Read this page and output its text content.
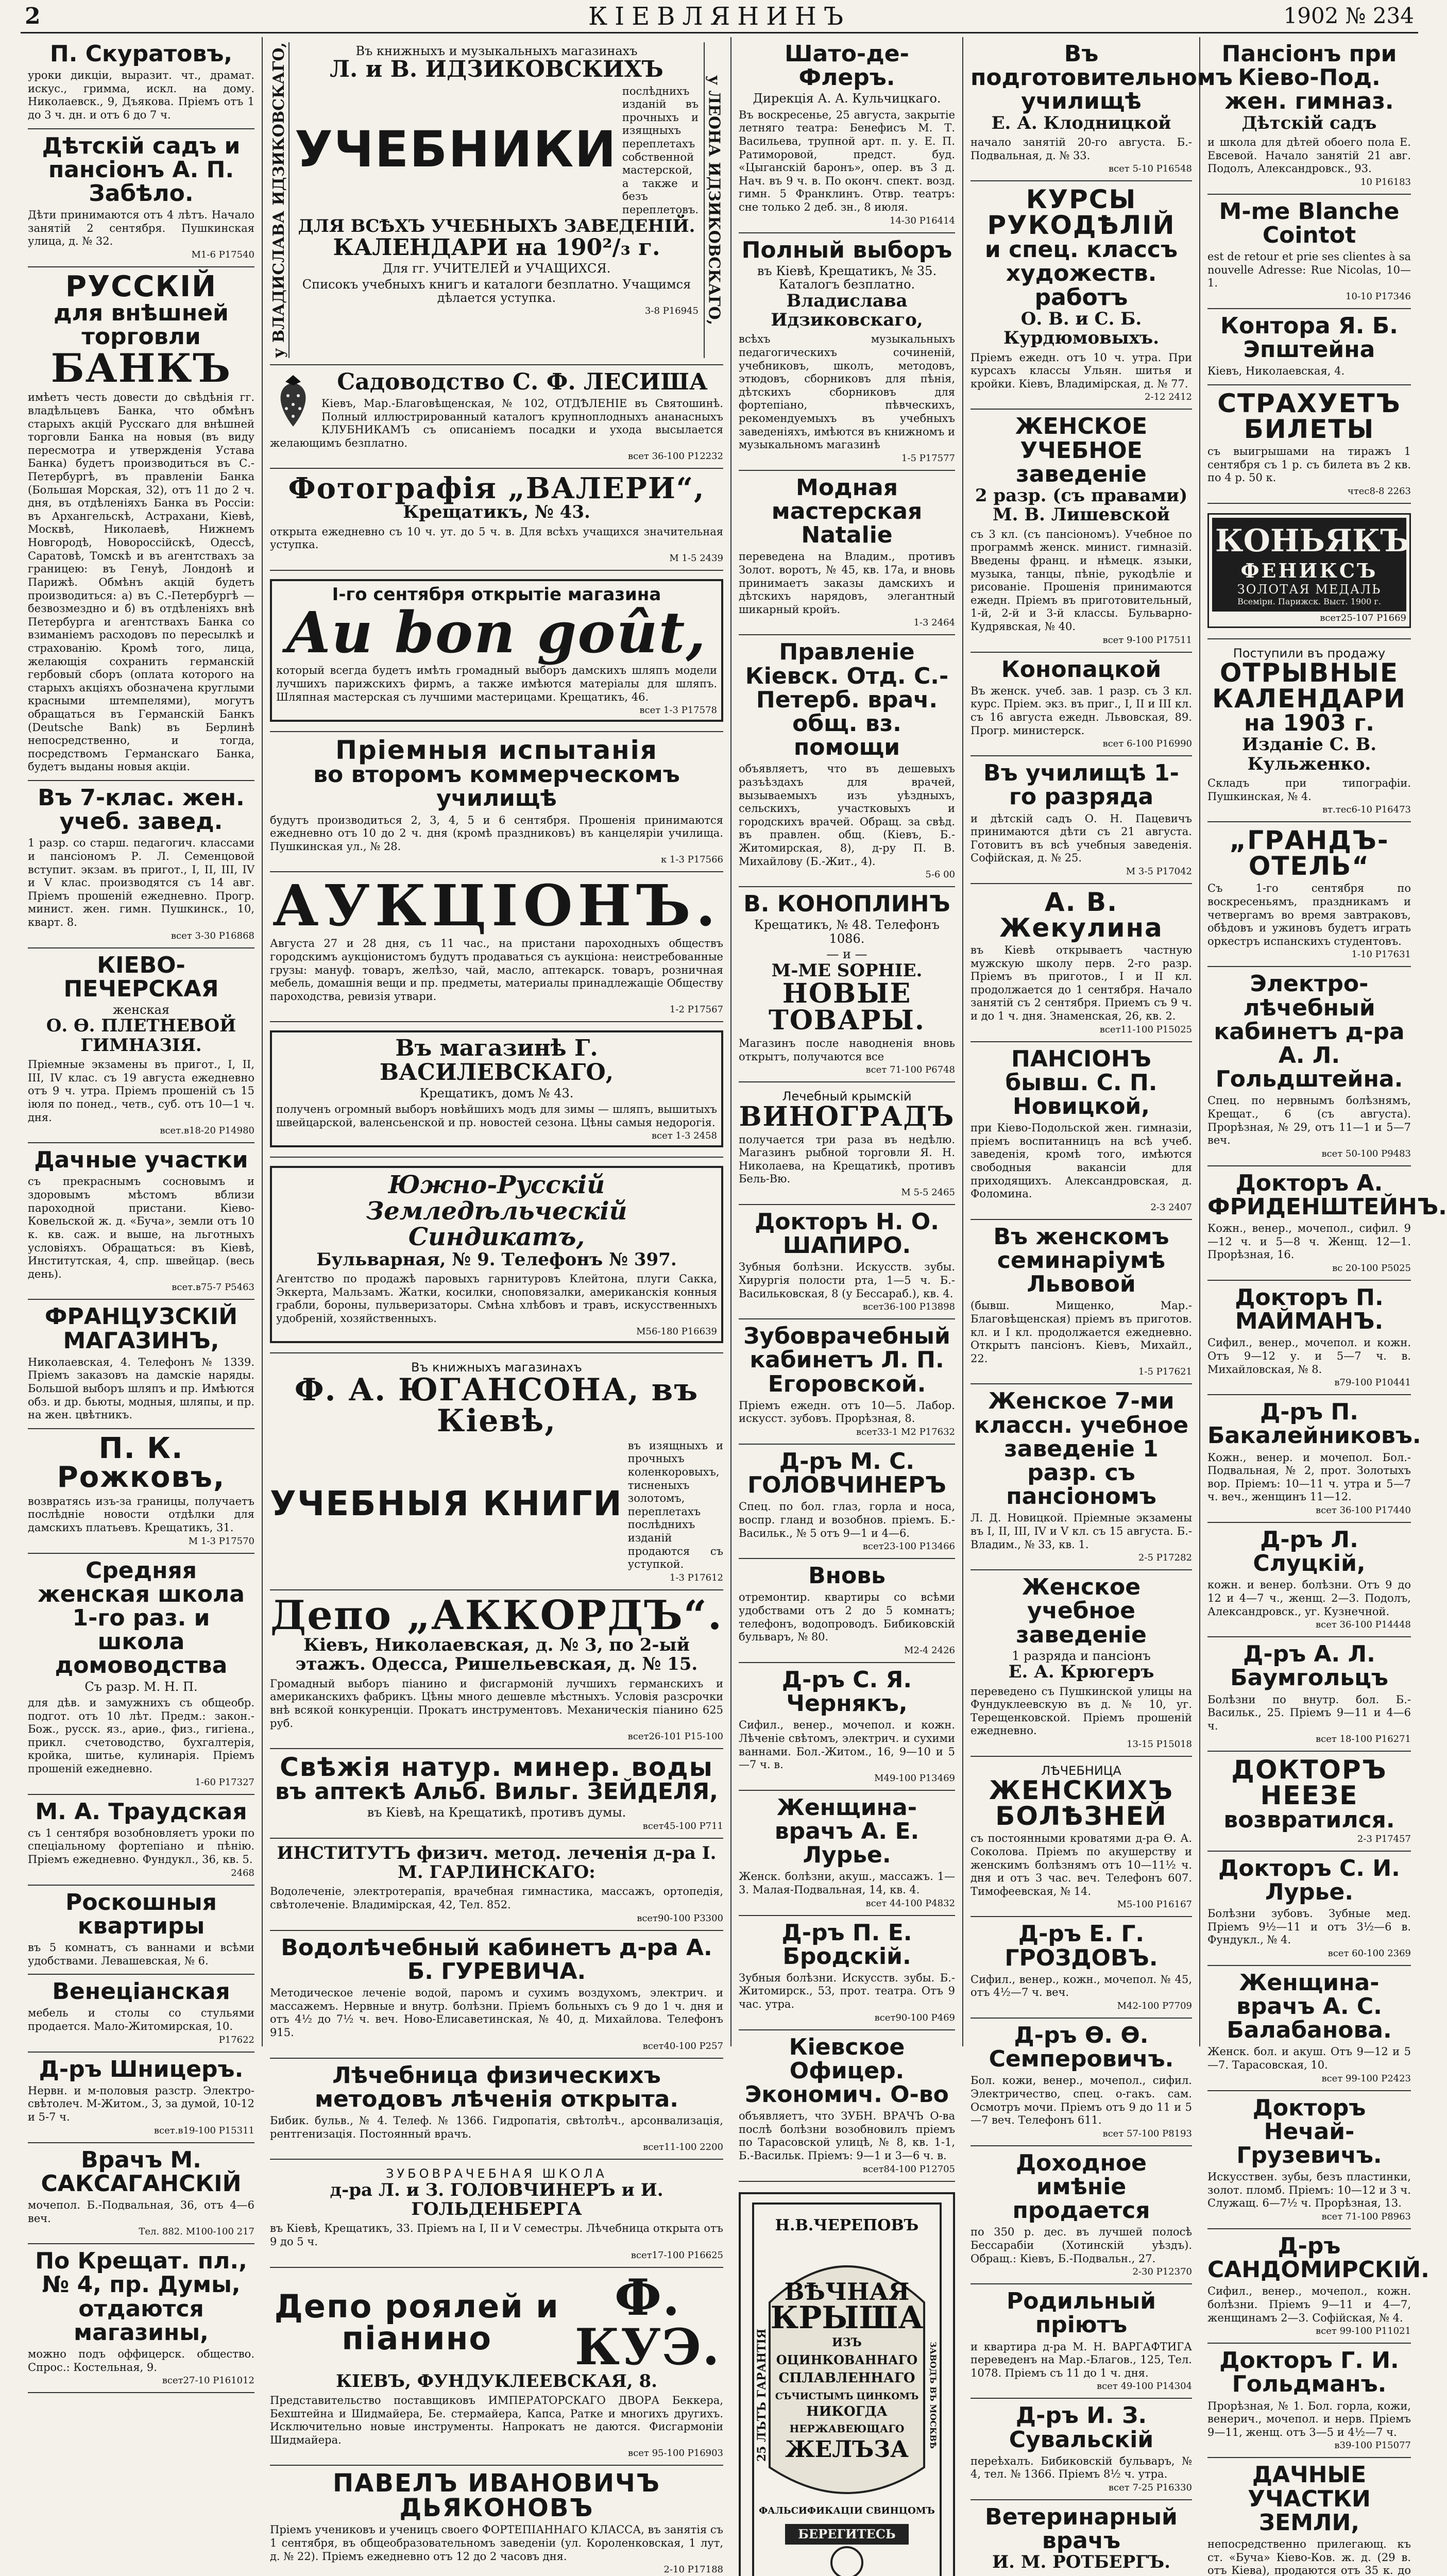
2	КІЕВЛЯНИНЪ	1902 № 234
П. Скуратовъ,
уроки дикціи, выразит. чт., драмат. искус., гримма, искл. на дому. Николаевск., 9, Дъякова. Пріемъ отъ 1 до 3 ч. дн. и отъ 6 до 7 ч.
Дѣтскій садъ и пансіонъ А. П. Забѣло.
Дѣти принимаются отъ 4 лѣтъ. Начало занятій 2 сентября. Пушкинская улица, д. № 32.
М1-6 Р17540
РУССКІЙ
для внѣшней торговли
БАНКЪ
имѣетъ честь довести до свѣдѣнія гг. владѣльцевъ Банка, что обмѣнъ старыхъ акцій Русскаго для внѣшней торговли Банка на новыя (въ виду пересмотра и утвержденія Устава Банка) будетъ производиться въ С.-Петербургѣ, въ правленіи Банка (Большая Морская, 32), отъ 11 до 2 ч. дня, въ отдѣленіяхъ Банка въ Россіи: въ Архангельскѣ, Астрахани, Кіевѣ, Москвѣ, Николаевѣ, Нижнемъ Новгородѣ, Новороссійскѣ, Одессѣ, Саратовѣ, Томскѣ и въ агентствахъ за границею: въ Генуѣ, Лондонѣ и Парижѣ. Обмѣнъ акцій будетъ производиться: а) въ С.-Петербургѣ — безвозмездно и б) въ отдѣленіяхъ внѣ Петербурга и агентствахъ Банка со взиманіемъ расходовъ по пересылкѣ и страхованію. Кромѣ того, лица, желающія сохранить германскій гербовый сборъ (оплата которого на старыхъ акціяхъ обозначена круглыми красными штемпелями), могутъ обращаться въ Германскій Банкъ (Deutsche Bank) въ Берлинѣ непосредственно, и тогда, посредствомъ Германскаго Банка, будетъ выданы новыя акціи.
Въ 7-клас. жен. учеб. завед.
1 разр. со старш. педагогич. классами и пансіономъ Р. Л. Семенцовой вступит. экзам. въ пригот., I, II, III, IV и V клас. производятся съ 14 авг. Пріемъ прошеній ежедневно. Прогр. минист. жен. гимн. Пушкинск., 10, кварт. 8.
всет 3-30 Р16868
КІЕВО-ПЕЧЕРСКАЯ
женская
О. Ѳ. ПЛЕТНЕВОЙ
ГИМНАЗІЯ.
Пріемные экзамены въ пригот., I, II, III, IV клас. съ 19 августа ежедневно отъ 9 ч. утра. Пріемъ прошеній съ 15 іюля по понед., четв., суб. отъ 10—1 ч. дня.
всет.в18-20 Р14980
Дачные участки
съ прекраснымъ сосновымъ и здоровымъ мѣстомъ вблизи пароходной пристани. Кіево-Ковельской ж. д. «Буча», земли отъ 10 к. кв. саж. и выше, на льготныхъ условіяхъ. Обращаться: въ Кіевѣ, Институтская, 4, спр. швейцар. (весь день).
всет.в75-7 Р5463
ФРАНЦУЗСКІЙ МАГАЗИНЪ,
Николаевская, 4. Телефонъ № 1339. Пріемъ заказовъ на дамскіе наряды. Большой выборъ шляпъ и пр. Имѣются обз. и др. бьюты, модныя, шляпы, и пр. на жен. цвѣтникъ.
П. К. Рожковъ,
возвратясь изъ-за границы, получаетъ послѣдніе новости отдѣлки для дамскихъ платьевъ. Крещатикъ, 31.
М 1-3 Р17570
Средняя женская школа 1-го раз. и школа домоводства
Съ разр. М. Н. П.
для дѣв. и замужнихъ съ общеобр. подгот. отъ 10 лѣт. Предм.: закон.-Бож., русск. яз., ариѳ., физ., гигіена., прикл. счетоводство, бухгалтерія, кройка, шитье, кулинарія. Пріемъ прошеній ежедневно.
1-60 Р17327
М. А. Траудская
съ 1 сентября возобновляетъ уроки по спеціальному фортепіано и пѣнію. Пріемъ ежедневно. Фундукл., 36, кв. 5.
2468
Роскошныя квартиры
въ 5 комнатъ, съ ваннами и всѣми удобствами. Левашевская, № 6.
Венеціанская
мебель и столы со стульями продается. Мало-Житомирская, 10.
Р17622
Д-ръ Шницеръ.
Нервн. и м-половыя разстр. Электро-свѣтолеч. М-Житом., 3, за думой, 10-12 и 5-7 ч.
всет.в19-100 Р15311
Врачъ М. САКСАГАНСКІЙ
мочепол. Б.-Подвальная, 36, отъ 4—6 веч.
Тел. 882. М100-100 217
По Крещат. пл., № 4, пр. Думы, отдаются магазины,
можно подъ оффицерск. общество. Спрос.: Костельная, 9.
всет27-10 Р161012
у ВЛАДИСЛАВА ИДЗИКОВСКАГО,	Въ книжныхъ и музыкальныхъ магазинахъ
Л. и В. ИДЗИКОВСКИХЪ
УЧЕБНИКИ
послѣднихъ изданій въ прочныхъ и изящныхъ переплетахъ собственной мастерской, а также и безъ переплетовъ.
ДЛЯ ВСѢХЪ УЧЕБНЫХЪ ЗАВЕДЕНІЙ.
КАЛЕНДАРИ на 190²/₃ г.
Для гг. УЧИТЕЛЕЙ и УЧАЩИХСЯ.
Списокъ учебныхъ книгъ и каталоги безплатно. Учащимся дѣлается уступка.
3-8 Р16945 у ЛЕОНА ИДЗИКОВСКАГО,
Садоводство С. Ф. ЛЕСИША
Кіевъ, Мар.-Благовѣщенская, № 102, ОТДѢЛЕНІЕ въ Святошинѣ. Полный иллюстрированный каталогъ крупноплодныхъ ананасныхъ КЛУБНИКАМЪ съ описаніемъ посадки и ухода высылается желающимъ безплатно.
всет 36-100 Р12232
Фотографія „ВАЛЕРИ“,
Крещатикъ, № 43.
открыта ежедневно съ 10 ч. ут. до 5 ч. в. Для всѣхъ учащихся значительная уступка.
М 1-5 2439
І-го сентября открытіе магазина
Au bon goût,
который всегда будетъ имѣть громадный выборъ дамскихъ шляпъ модели лучшихъ парижскихъ фирмъ, а также имѣются матеріалы для шляпъ. Шляпная мастерская съ лучшими мастерицами. Крещатикъ, 46.
всет 1-3 Р17578
Пріемныя испытанія
во второмъ коммерческомъ училищѣ
будутъ производиться 2, 3, 4, 5 и 6 сентября. Прошенія принимаются ежедневно отъ 10 до 2 ч. дня (кромѣ праздниковъ) въ канцеляріи училища. Пушкинская ул., № 28.
к 1-3 Р17566
АУКЦІОНЪ.
Августа 27 и 28 дня, съ 11 час., на пристани пароходныхъ обществъ городскимъ аукціонистомъ будутъ продаваться съ аукціона: неистребованные грузы: мануф. товаръ, желѣзо, чай, масло, аптекарск. товаръ, розничная мебель, домашнія вещи и пр. предметы, материалы принадлежащіе Обществу пароходства, ревизія утвари.
1-2 Р17567
Въ магазинѣ Г. ВАСИЛЕВСКАГО,
Крещатикъ, домъ № 43.
полученъ огромный выборъ новѣйшихъ модъ для зимы — шляпъ, вышитыхъ швейцарской, валенсьенской и пр. новостей сезона. Цѣны самыя недорогія.
всет 1-3 2458
Южно-Русскій Земледѣльческій Синдикатъ,
Бульварная, № 9. Телефонъ № 397.
Агентство по продажѣ паровыхъ гарнитуровъ Клейтона, плуги Сакка, Эккерта, Мальзамъ. Жатки, косилки, сноповязалки, американскія конныя грабли, бороны, пульверизаторы. Смѣна хлѣбовъ и травъ, искусственныхъ удобреній, хозяйственныхъ.
М56-180 Р16639
Въ книжныхъ магазинахъ
Ф. А. ЮГАНСОНА, въ Кіевѣ,
УЧЕБНЫЯ КНИГИ
въ изящныхъ и прочныхъ коленкоровыхъ, тисненыхъ золотомъ, переплетахъ послѣднихъ изданій продаются съ уступкой.
1-3 Р17612
Депо „АККОРДЪ“.
Кіевъ, Николаевская, д. № 3, по 2-ый этажъ. Одесса, Ришельевская, д. № 15.
Громадный выборъ піанино и фисгармоній лучшихъ германскихъ и американскихъ фабрикъ. Цѣны много дешевле мѣстныхъ. Условія разсрочки внѣ всякой конкуренціи. Прокатъ инструментовъ. Механическія піанино 625 руб.
всет26-101 Р15-100
Свѣжія натур. минер. воды
въ аптекѣ Альб. Вильг. ЗЕЙДЕЛЯ,
въ Кіевѣ, на Крещатикѣ, противъ думы.
всет45-100 Р711
ИНСТИТУТЪ физич. метод. леченія д-ра І. М. ГАРЛИНСКАГО:
Водолеченіе, электротерапія, врачебная гимнастика, массажъ, ортопедія, свѣтолеченіе. Владимірская, 42, Тел. 852.
всет90-100 Р3300
Водолѣчебный кабинетъ д-ра А. Б. ГУРЕВИЧА.
Методическое леченіе водой, паромъ и сухимъ воздухомъ, электрич. и массажемъ. Нервные и внутр. болѣзни. Пріемъ больныхъ съ 9 до 1 ч. дня и отъ 4½ до 7½ ч. веч. Ново-Елисаветинская, № 40, д. Михайлова. Телефонъ 915.
всет40-100 Р257
Лѣчебница физическихъ методовъ лѣченія открыта.
Бибик. бульв., № 4. Телеф. № 1366. Гидропатія, свѣтолѣч., арсонвализація, рентгенизація. Постоянный врачъ.
всет11-100 2200
ЗУБОВРАЧЕБНАЯ ШКОЛА
д-ра Л. и З. ГОЛОВЧИНЕРЪ и И. ГОЛЬДЕНБЕРГА
въ Кіевѣ, Крещатикъ, 33. Пріемъ на I, II и V семестры. Лѣчебница открыта отъ 9 до 5 ч.
всет17-100 Р16625
Депо роялей и піанино
Ф. КУЭ.
КІЕВЪ, ФУНДУКЛЕЕВСКАЯ, 8.
Представительство поставщиковъ ИМПЕРАТОРСКАГО ДВОРА Беккера, Бехштейна и Шидмайера, Бе. стермайера, Капса, Ратке и многихъ другихъ. Исключительно новые инструменты. Напрокатъ не даются. Фисгармоніи Шидмайера.
всет 95-100 Р16903
ПАВЕЛЪ ИВАНОВИЧЪ ДЬЯКОНОВЪ
Пріемъ учениковъ и ученицъ своего ФОРТЕПІАННАГО КЛАССА, въ занятія съ 1 сентября, въ общеобразовательномъ заведеніи (ул. Короленковская, 1 лут, д. № 22). Пріемъ ежедневно отъ 12 до 2 часовъ дня.
2-10 Р17188
Шато-де-Флеръ.
Дирекція А. А. Кульчицкаго.
Въ воскресенье, 25 августа, закрытіе летняго театра: Бенефисъ М. Т. Васильева, трупной арт. п. у. Е. П. Ратиморовой, предст. буд. «Цыганскій баронъ», опер. въ 3 д. Нач. въ 9 ч. в. По оконч. спект. возд. гимн. 5 Франклинъ. Отвр. театръ: сне только 2 деб. зн., 8 июля.
14-30 Р16414
Полный выборъ
въ Кіевѣ, Крещатикъ, № 35. Каталогъ безплатно.
Владислава Идзиковскаго,
всѣхъ музыкальныхъ педагогическихъ сочиненій, учебниковъ, школъ, методовъ, этюдовъ, сборниковъ для пѣнія, дѣтскихъ сборниковъ для фортепіано, пѣвческихъ, рекомендуемыхъ въ учебныхъ заведеніяхъ, имѣются въ книжномъ и музыкальномъ магазинѣ
1-5 Р17577
Модная мастерская Natalie
переведена на Владим., противъ Золот. воротъ, № 45, кв. 17а, и вновь принимаетъ заказы дамскихъ и дѣтскихъ нарядовъ, элегантный шикарный кройъ.
1-3 2464
Правленіе Кіевск. Отд. С.-Петерб. врач. общ. вз. помощи
объявляетъ, что въ дешевыхъ разъѣздахъ для врачей, вызываемыхъ изъ уѣздныхъ, сельскихъ, участковыхъ и городскихъ врачей. Обращ. за свѣд. въ правлен. общ. (Кіевъ, Б.-Житомирская, 8), д-ру П. В. Михайлову (Б.-Жит., 4).
5-6 00
В. КОНОПЛИНЪ
Крещатикъ, № 48. Телефонъ 1086.
— и —
M-ME SOPHIE.
НОВЫЕ ТОВАРЫ.
Магазинъ после наводненія вновь открытъ, получаются все
всет 71-100 Р6748
Лечебный крымскій
ВИНОГРАДЪ
получается три раза въ недѣлю. Магазинъ рыбной торговли Я. Н. Николаева, на Крещатикѣ, противъ Бель-Вю.
М 5-5 2465
Докторъ Н. О. ШАПИРО.
Зубныя болѣзни. Искусств. зубы. Хирургія полости рта, 1—5 ч. Б.-Васильковская, 8 (у Бессараб.), кв. 4.
всет36-100 Р13898
Зубоврачебный кабинетъ Л. П. Егоровской.
Пріемъ ежедн. отъ 10—5. Лабор. искусст. зубовъ. Прорѣзная, 8.
всет33-1 М2 Р17632
Д-ръ М. С. ГОЛОВЧИНЕРЪ
Спец. по бол. глаз, горла и носа, воспр. гланд и возобнов. пріемъ. Б.-Васильк., № 5 отъ 9—1 и 4—6.
всет23-100 Р13466
Вновь
отремонтир. квартиры со всѣми удобствами отъ 2 до 5 комнатъ; телефонъ, водопроводъ. Бибиковскій бульваръ, № 80.
М2-4 2426
Д-ръ С. Я. Чернякъ,
Сифил., венер., мочепол. и кожн. Лѣченіе свѣтомъ, электрич. и сухими ваннами. Бол.-Житом., 16, 9—10 и 5—7 ч. в.
М49-100 Р13469
Женщина-врачъ А. Е. Лурье.
Женск. болѣзни, акуш., массажъ. 1—3. Малая-Подвальная, 14, кв. 4.
всет 44-100 Р4832
Д-ръ П. Е. Бродскій.
Зубныя болѣзни. Искусств. зубы. Б.-Житомирск., 53, прот. театра. Отъ 9 час. утра.
всет90-100 Р469
Кіевское Офицер. Экономич. О-во
объявляетъ, что ЗУБН. ВРАЧЪ О-ва послѣ болѣзни возобновилъ пріемъ по Тарасовской улицѣ, № 8, кв. 1-1, Б.-Васильк. Пріемъ: 9—1 и 3—6 ч. в.
всет84-100 Р12705
Н.В.ЧЕРЕПОВЪ
ВѢЧНАЯ
КРЫША
ИЗЪ
ОЦИНКОВАННАГО
СПЛАВЛЕННАГО
СЪЧИСТЫМЪ ЦИНКОМЪ
НИКОГДА
НЕРЖАВЕЮЩАГО
ЖЕЛЪЗА
25 ЛЪТЪ ГАРАНТІЯ	ЗАВОДЪ ВЪ МОСКВѢ
БЕРЕГИТЕСЬ
ФАЛЬСИФИКАЦІИ СВИНЦОМЪ
Въ подготовительномъ училищѣ
Е. А. Клодницкой
начало занятій 20-го августа. Б.-Подвальная, д. № 33.
всет 5-10 Р16548
КУРСЫ РУКОДѢЛІЙ
и спец. классъ художеств. работъ
О. В. и С. Б. Курдюмовыхъ.
Пріемъ ежедн. отъ 10 ч. утра. При курсахъ классы Ульян. шитья и кройки. Кіевъ, Владимірская, д. № 77.
2-12 2412
ЖЕНСКОЕ УЧЕБНОЕ заведеніе
2 разр. (съ правами) М. В. Лишевской
съ 3 кл. (съ пансіономъ). Учебное по программѣ женск. минист. гимназій. Введены франц. и нѣмецк. языки, музыка, танцы, пѣніе, рукодѣліе и рисованіе. Прошенія принимаются ежедн. Пріемъ въ приготовительный, 1-й, 2-й и 3-й классы. Бульварно-Кудрявская, № 40.
всет 9-100 Р17511
Конопацкой
Въ женск. учеб. зав. 1 разр. съ 3 кл. курс. Пріем. экз. въ приг., I, II и III кл. съ 16 августа ежедн. Львовская, 89. Прогр. министерск.
всет 6-100 Р16990
Въ училищѣ 1-го разряда
и дѣтскій садъ О. Н. Пацевичъ принимаются дѣти съ 21 августа. Готовитъ въ всѣ учебныя заведенія. Софійская, д. № 25.
М 3-5 Р17042
А. В. Жекулина
въ Кіевѣ открываетъ частную мужскую школу перв. 2-го разр. Пріемъ въ приготов., I и II кл. продолжается до 1 сентября. Начало занятій съ 2 сентября. Приемъ съ 9 ч. и до 1 ч. дня. Знаменская, 26, кв. 2.
всет11-100 Р15025
ПАНСІОНЪ бывш. С. П. Новицкой,
при Кіево-Подольской жен. гимназіи, пріемъ воспитанницъ на всѣ учеб. заведенія, кромѣ того, имѣются свободныя вакансіи для приходящихъ. Александровская, д. Фоломина.
2-3 2407
Въ женскомъ семинаріумѣ Львовой
(бывш. Мищенко, Мар.-Благовѣщенская) пріемъ въ приготов. кл. и I кл. продолжается ежедневно. Открытъ пансіонъ. Кіевъ, Михайл., 22.
1-5 Р17621
Женское 7-ми классн. учебное заведеніе 1 разр. съ пансіономъ
Л. Д. Новицкой. Пріемные экзамены въ I, II, III, IV и V кл. съ 15 августа. Б.-Владим., № 33, кв. 1.
2-5 Р17282
Женское учебное заведеніе
1 разряда и пансіонъ
Е. А. Крюгеръ
переведено съ Пушкинской улицы на Фундуклеевскую въ д. № 10, уг. Терещенковской. Пріемъ прошеній ежедневно.
13-15 Р15018
ЛѢЧЕБНИЦА
ЖЕНСКИХЪ БОЛѢЗНЕЙ
съ постоянными кроватями д-ра Ѳ. А. Соколова. Пріемъ по акушерству и женскимъ болѣзнямъ отъ 10—11½ ч. дня и отъ 3 час. веч. Телефонъ 607. Тимофеевская, № 14.
М5-100 Р16167
Д-ръ Е. Г. ГРОЗДОВЪ.
Сифил., венер., кожн., мочепол. № 45, отъ 4½—7 ч. веч.
М42-100 Р7709
Д-ръ Ѳ. Ѳ. Семперовичъ.
Бол. кожи, венер., мочепол., сифил. Электричество, спец. о-гакъ. сам. Осмотръ мочи. Пріемъ отъ 9 до 11 и 5—7 веч. Телефонъ 611.
всет 57-100 Р8193
Доходное имѣніе продается
по 350 р. дес. въ лучшей полосѣ Бессарабіи (Хотинскій уѣздъ). Обращ.: Кіевъ, Б.-Подвальн., 27.
2-30 Р12370
Родильный пріютъ
и квартира д-ра М. Н. ВАРГАФТИГА переведенъ на Мар.-Благов., 125, Тел. 1078. Пріемъ съ 11 до 1 ч. дня.
всет 49-100 Р14304
Д-ръ И. З. Сувальскій
переѣхалъ. Бибиковскій бульваръ, № 4, тел. № 1366. Пріемъ 8½ ч. утра.
всет 7-25 Р16330
Ветеринарный врачъ
И. М. РОТБЕРГЪ.
Пансіонъ при Кіево-Под. жен. гимназ.
Дѣтскій садъ
и школа для дѣтей обоего пола Е. Евсевой. Начало занятій 21 авг. Подолъ, Александровск., 93.
10 Р16183
M-me Blanche Cointot
est de retour et prie ses clientes à sa nouvelle Adresse: Rue Nicolas, 10—1.
10-10 Р17346
Контора Я. Б. Эпштейна
Кіевъ, Николаевская, 4.
СТРАХУЕТЪ БИЛЕТЫ
съ выигрышами на тиражъ 1 сентября съ 1 р. съ билета въ 2 кв. по 4 р. 50 к.
чтес8-8 2263
КОНЬЯКЪ
ФЕНИКСЪ
ЗОЛОТАЯ МЕДАЛЬ
Всемірн. Парижск. Выст. 1900 г.
всет25-107 Р1669
Поступили въ продажу
ОТРЫВНЫЕ КАЛЕНДАРИ
на 1903 г.
Изданіе С. В. Кульженко.
Складъ при типографіи. Пушкинская, № 4.
вт.тес6-10 Р16473
„ГРАНДЪ-ОТЕЛЬ“
Съ 1-го сентября по воскресеньямъ, праздникамъ и четвергамъ во время завтраковъ, обѣдовъ и ужиновъ будетъ играть оркестръ испанскихъ студентовъ.
1-10 Р17631
Электро-лѣчебный кабинетъ д-ра А. Л. Гольдштейна.
Спец. по нервнымъ болѣзнямъ, Крещат., 6 (съ августа). Прорѣзная, № 29, отъ 11—1 и 5—7 веч.
всет 50-100 Р9483
Докторъ А. ФРИДЕНШТЕЙНЪ.
Кожн., венер., мочепол., сифил. 9—12 ч. и 5—8 ч. Женщ. 12—1. Прорѣзная, 16.
вс 20-100 Р5025
Докторъ П. МАЙМАНЪ.
Сифил., венер., мочепол. и кожн. Отъ 9—12 у. и 5—7 ч. в. Михайловская, № 8.
в79-100 Р10441
Д-ръ П. Бакалейниковъ.
Кожн., венер. и мочепол. Бол.-Подвальная, № 2, прот. Золотыхъ вор. Пріемъ: 10—11 ч. утра и 5—7 ч. веч., женщинъ 11—12.
всет 36-100 Р17440
Д-ръ Л. Слуцкій,
кожн. и венер. болѣзни. Отъ 9 до 12 и 4—7 ч., женщ. 2—3. Подолъ, Александровск., уг. Кузнечной.
всет 36-100 Р14448
Д-ръ А. Л. Баумгольцъ
Болѣзни по внутр. бол. Б.-Васильк., 25. Пріемъ 9—11 и 4—6 ч.
всет 18-100 Р16271
ДОКТОРЪ НЕЕЗЕ
возвратился.
2-3 Р17457
Докторъ С. И. Лурье.
Болѣзни зубовъ. Зубные мед. Пріемъ 9½—11 и отъ 3½—6 в. Фундукл., № 4.
всет 60-100 2369
Женщина-врачъ А. С. Балабанова.
Женск. бол. и акуш. Отъ 9—12 и 5—7. Тарасовская, 10.
всет 99-100 Р2423
Докторъ Нечай-Грузевичъ.
Искусствен. зубы, безъ пластинки, золот. пломб. Пріемъ: 10—12 и 3 ч. Служащ. 6—7½ ч. Прорѣзная, 13.
всет 71-100 Р8963
Д-ръ САНДОМИРСКІЙ.
Сифил., венер., мочепол., кожн. болѣзни. Пріемъ 9—11 и 4—7, женщинамъ 2—3. Софійская, № 4.
всет 99-100 Р11021
Докторъ Г. И. Гольдманъ.
Прорѣзная, № 1. Бол. горла, кожи, венерич., мочепол. и нерв. Пріемъ 9—11, женщ. отъ 3—5 и 4½—7 ч.
в39-100 Р15077
ДАЧНЫЕ УЧАСТКИ ЗЕМЛИ,
непосредственно прилегающ. къ ст. «Буча» Кіево-Ков. ж. д. (29 в. отъ Кіева), продаются отъ 35 к. до
